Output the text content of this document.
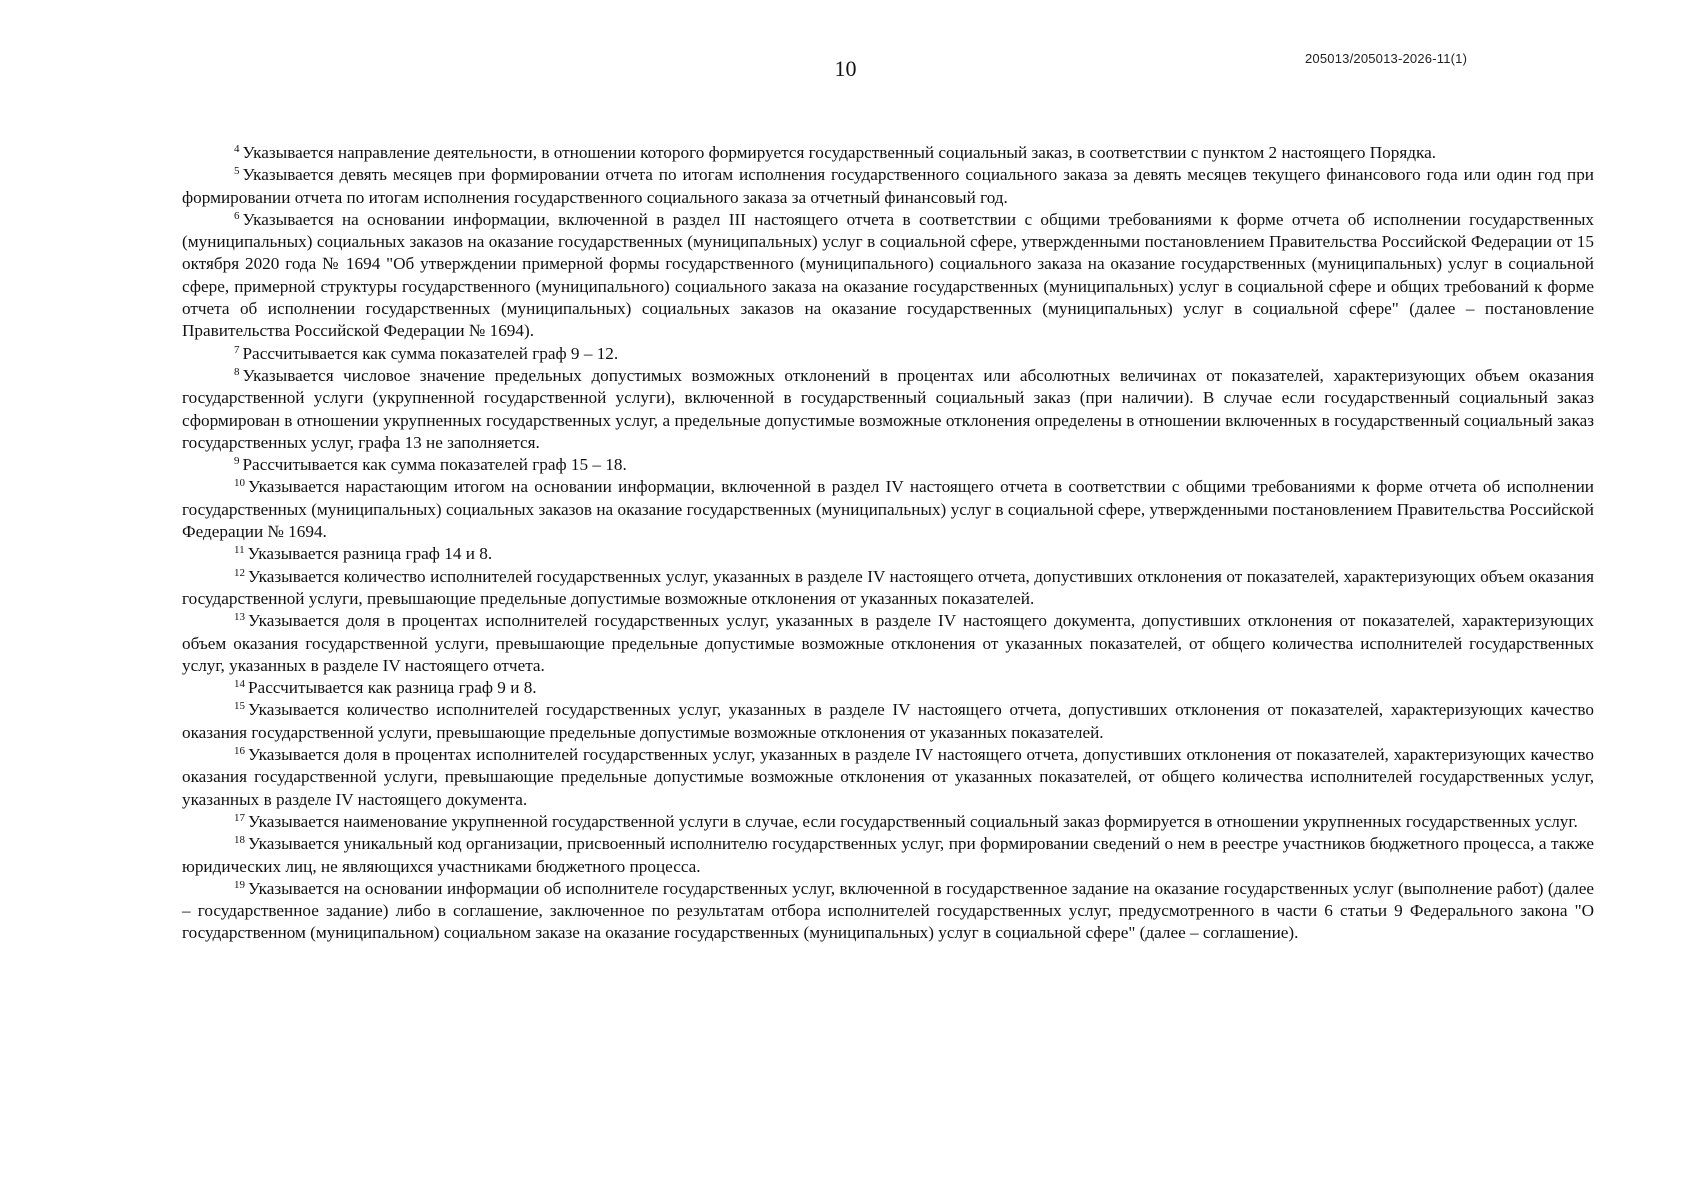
10	205013/205013-2026-11(1)

$^4$ Указывается направление деятельности, в отношении которого формируется государственный социальный заказ, в соответствии с пунктом 2 настоящего Порядка.

$^5$ Указывается девять месяцев при формировании отчета по итогам исполнения государственного социального заказа за девять месяцев текущего финансового года или один год при формировании отчета по итогам исполнения государственного социального заказа за отчетный финансовый год.

$^6$ Указывается на основании информации, включенной в раздел III настоящего отчета в соответствии с общими требованиями к форме отчета об исполнении государственных (муниципальных) социальных заказов на оказание государственных (муниципальных) услуг в социальной сфере, утвержденными постановлением Правительства Российской Федерации от 15 октября 2020 года № 1694 "Об утверждении примерной формы государственного (муниципального) социального заказа на оказание государственных (муниципальных) услуг в социальной сфере, примерной структуры государственного (муниципального) социального заказа на оказание государственных (муниципальных) услуг в социальной сфере и общих требований к форме отчета об исполнении государственных (муниципальных) социальных заказов на оказание государственных (муниципальных) услуг в социальной сфере" (далее – постановление Правительства Российской Федерации № 1694).

$^7$ Рассчитывается как сумма показателей граф 9 – 12.

$^8$ Указывается числовое значение предельных допустимых возможных отклонений в процентах или абсолютных величинах от показателей, характеризующих объем оказания государственной услуги (укрупненной государственной услуги), включенной в государственный социальный заказ (при наличии). В случае если государственный социальный заказ сформирован в отношении укрупненных государственных услуг, а предельные допустимые возможные отклонения определены в отношении включенных в государственный социальный заказ государственных услуг, графа 13 не заполняется.

$^9$ Рассчитывается как сумма показателей граф 15 – 18.

$^{10}$ Указывается нарастающим итогом на основании информации, включенной в раздел IV настоящего отчета в соответствии с общими требованиями к форме отчета об исполнении государственных (муниципальных) социальных заказов на оказание государственных (муниципальных) услуг в социальной сфере, утвержденными постановлением Правительства Российской Федерации № 1694.

$^{11}$ Указывается разница граф 14 и 8.

$^{12}$ Указывается количество исполнителей государственных услуг, указанных в разделе IV настоящего отчета, допустивших отклонения от показателей, характеризующих объем оказания государственной услуги, превышающие предельные допустимые возможные отклонения от указанных показателей.

$^{13}$ Указывается доля в процентах исполнителей государственных услуг, указанных в разделе IV настоящего документа, допустивших отклонения от показателей, характеризующих объем оказания государственной услуги, превышающие предельные допустимые возможные отклонения от указанных показателей, от общего количества исполнителей государственных услуг, указанных в разделе IV настоящего отчета.

$^{14}$ Рассчитывается как разница граф 9 и 8.

$^{15}$ Указывается количество исполнителей государственных услуг, указанных в разделе IV настоящего отчета, допустивших отклонения от показателей, характеризующих качество оказания государственной услуги, превышающие предельные допустимые возможные отклонения от указанных показателей.

$^{16}$ Указывается доля в процентах исполнителей государственных услуг, указанных в разделе IV настоящего отчета, допустивших отклонения от показателей, характеризующих качество оказания государственной услуги, превышающие предельные допустимые возможные отклонения от указанных показателей, от общего количества исполнителей государственных услуг, указанных в разделе IV настоящего документа.

$^{17}$ Указывается наименование укрупненной государственной услуги в случае, если государственный социальный заказ формируется в отношении укрупненных государственных услуг.

$^{18}$ Указывается уникальный код организации, присвоенный исполнителю государственных услуг, при формировании сведений о нем в реестре участников бюджетного процесса, а также юридических лиц, не являющихся участниками бюджетного процесса.

$^{19}$ Указывается на основании информации об исполнителе государственных услуг, включенной в государственное задание на оказание государственных услуг (выполнение работ) (далее – государственное задание) либо в соглашение, заключенное по результатам отбора исполнителей государственных услуг, предусмотренного в части 6 статьи 9 Федерального закона "О государственном (муниципальном) социальном заказе на оказание государственных (муниципальных) услуг в социальной сфере" (далее – соглашение).
